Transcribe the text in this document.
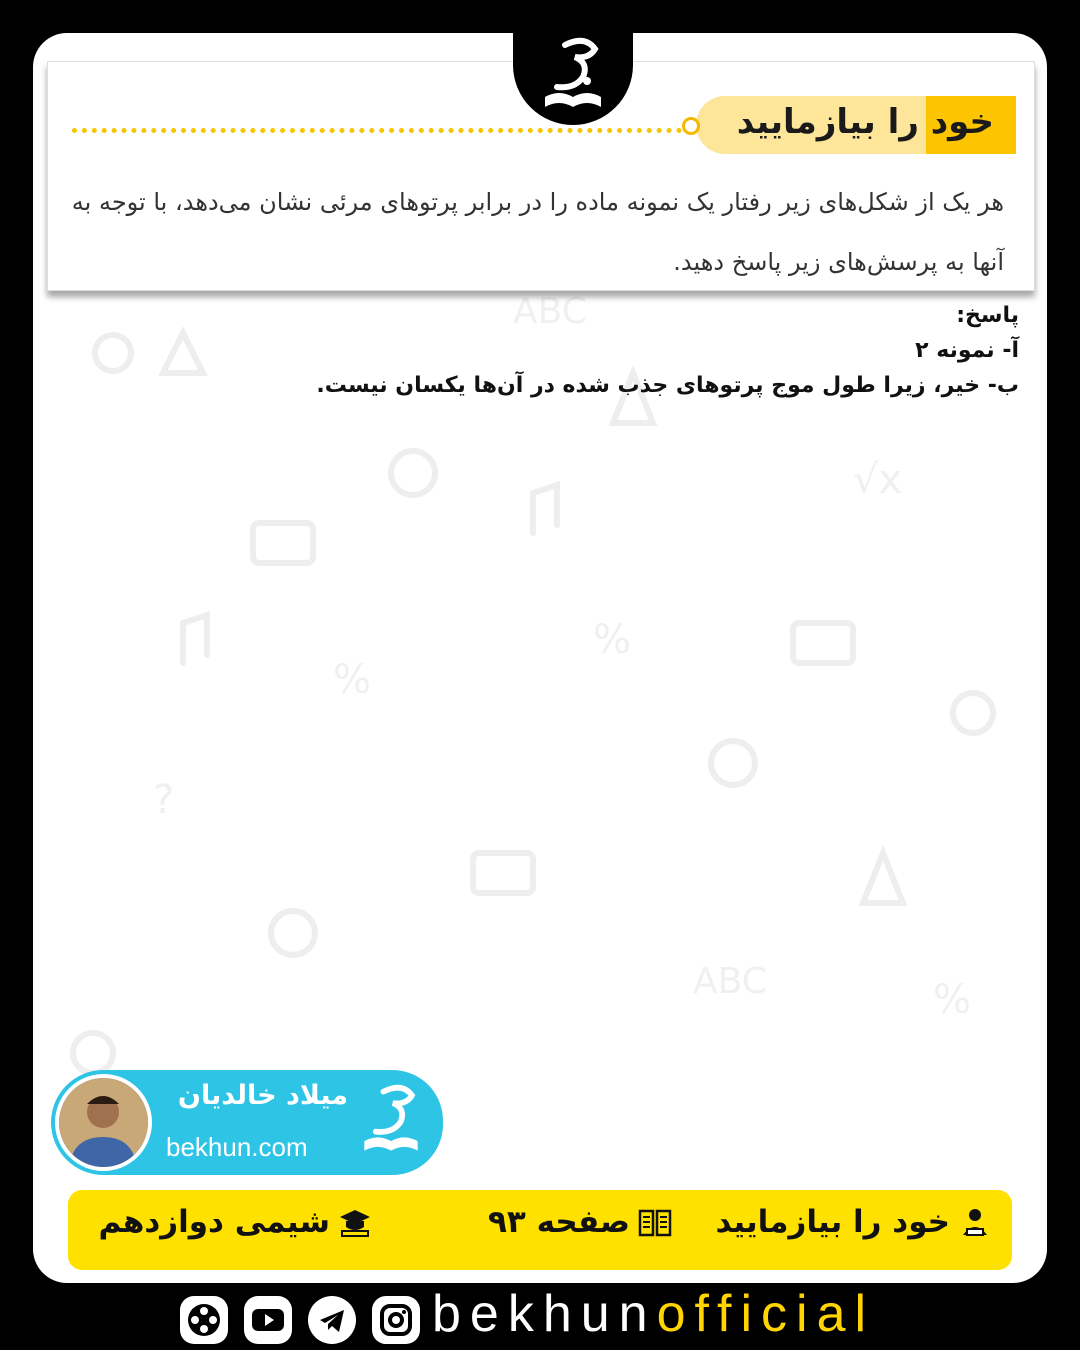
ABC
%
?
√x
%
%
ABC
خود را بیازمایید
هر یک از شکل‌های زیر رفتار یک نمونه ماده را در برابر پرتوهای مرئی نشان می‌دهد، با توجه به آنها به پرسش‌های زیر پاسخ دهید.
پاسخ:
آ- نمونه ۲
ب- خیر، زیرا طول موج پرتوهای جذب شده در آن‌ها یکسان نیست.
میلاد خالدیان
bekhun.com
خود را بیازمایید
صفحه ۹۳
شیمی دوازدهم
bekhunofficial
